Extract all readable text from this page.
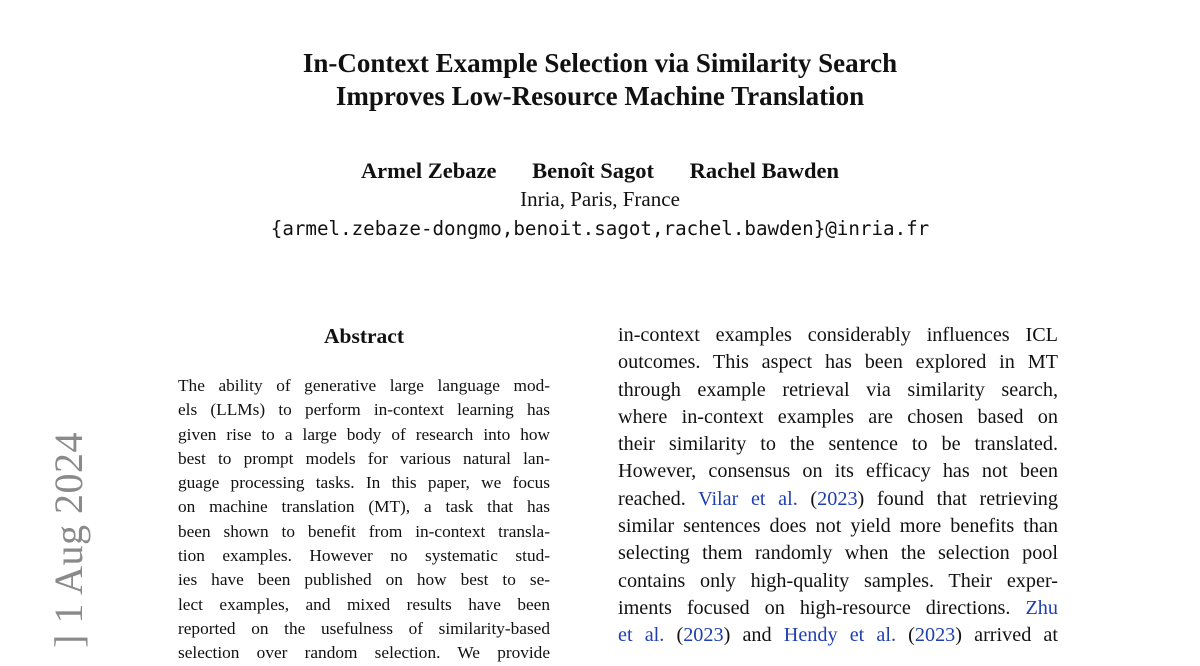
] 1 Aug 2024
In-Context Example Selection via Similarity Search
Improves Low-Resource Machine Translation
Armel Zebaze Benoît Sagot Rachel Bawden
Inria, Paris, France
{armel.zebaze-dongmo,benoit.sagot,rachel.bawden}@inria.fr
Abstract
The ability of generative large language mod-
els (LLMs) to perform in-context learning has
given rise to a large body of research into how
best to prompt models for various natural lan-
guage processing tasks. In this paper, we focus
on machine translation (MT), a task that has
been shown to benefit from in-context transla-
tion examples. However no systematic stud-
ies have been published on how best to se-
lect examples, and mixed results have been
reported on the usefulness of similarity-based
selection over random selection. We provide
in-context examples considerably influences ICL
outcomes. This aspect has been explored in MT
through example retrieval via similarity search,
where in-context examples are chosen based on
their similarity to the sentence to be translated.
However, consensus on its efficacy has not been
reached. Vilar et al. (2023) found that retrieving
similar sentences does not yield more benefits than
selecting them randomly when the selection pool
contains only high-quality samples. Their exper-
iments focused on high-resource directions. Zhu
et al. (2023) and Hendy et al. (2023) arrived at
